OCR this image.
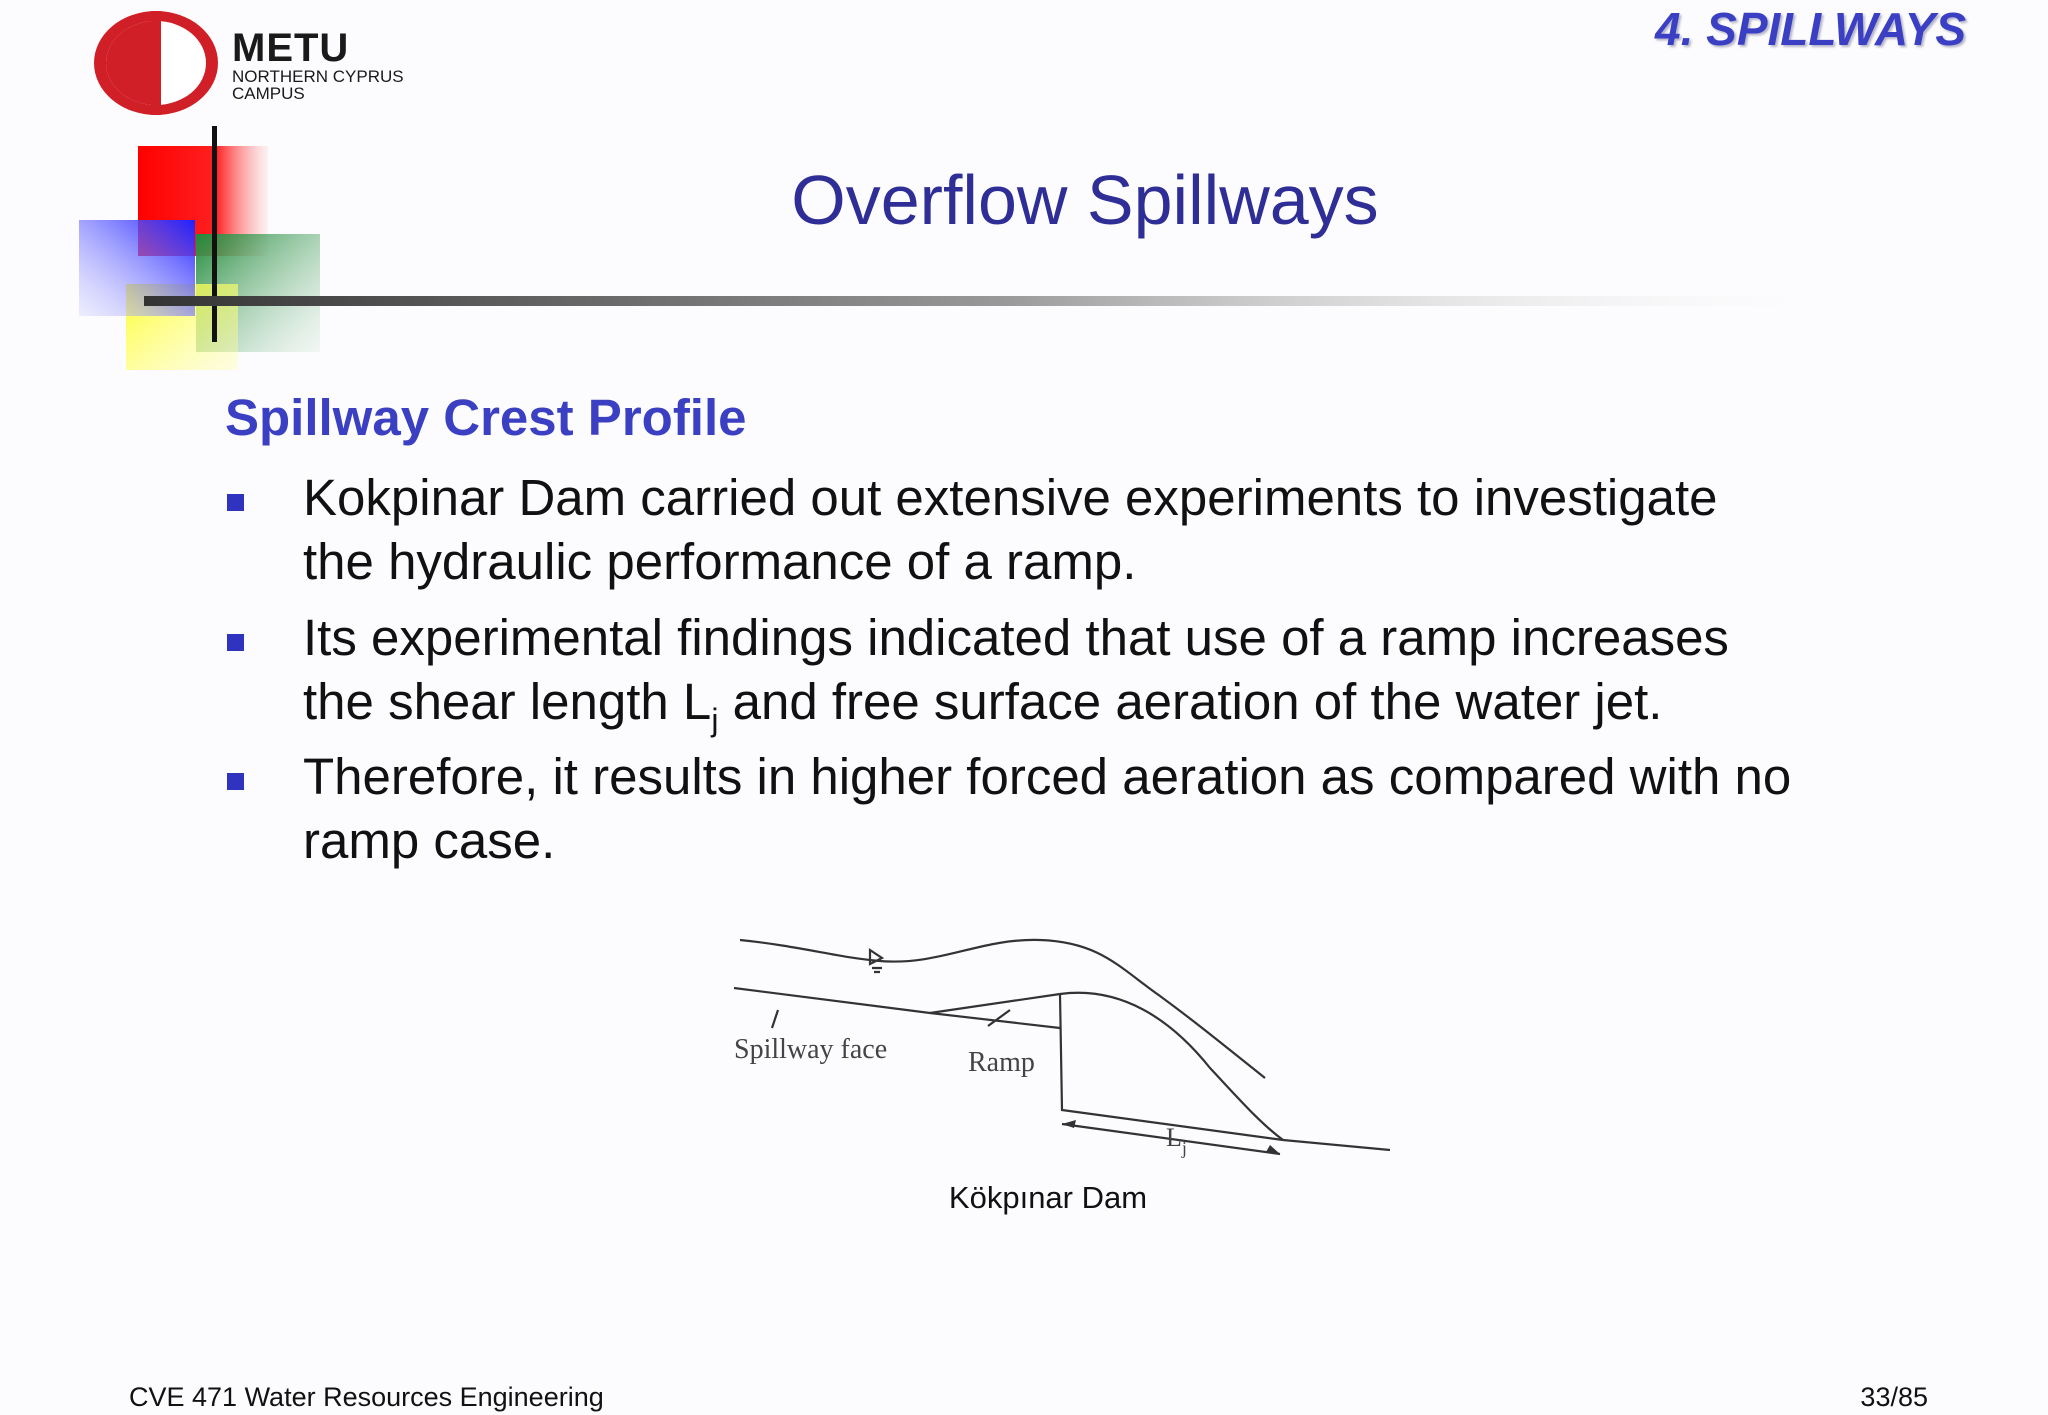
METU
NORTHERN CYPRUS
CAMPUS
4. SPILLWAYS
Overflow Spillways
Spillway Crest Profile
Kokpinar Dam carried out extensive experiments to investigate
the hydraulic performance of a ramp.
Its experimental findings indicated that use of a ramp increases
the shear length $L_j$ and free surface aeration of the water jet.
Therefore, it results in higher forced aeration as compared with no
ramp case.
Spillway face	Ramp
$L_j$
Kökpınar Dam
CVE 471 Water Resources Engineering	33/85
